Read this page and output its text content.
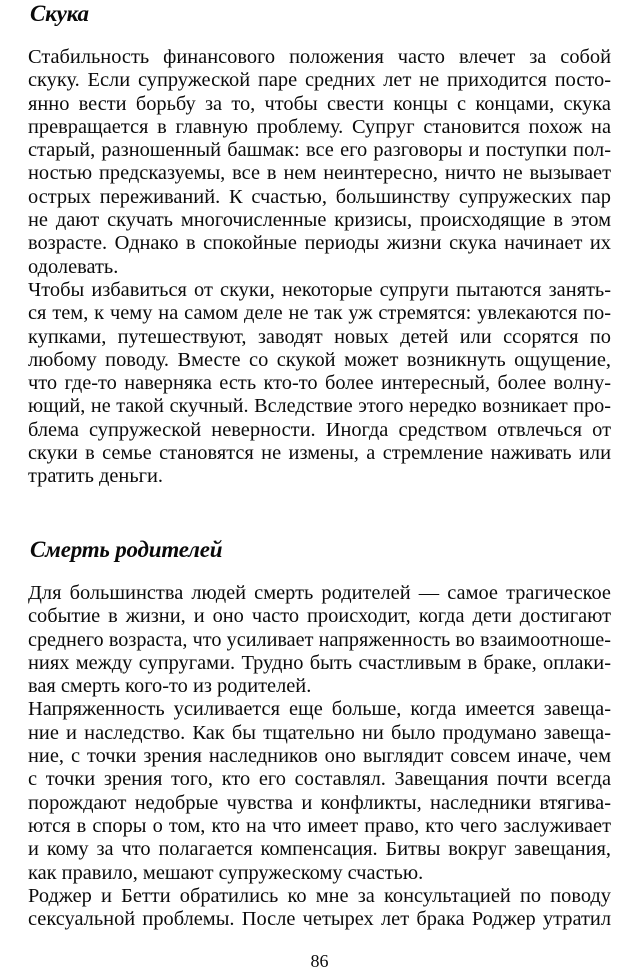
Скука
Стабильность финансового положения часто влечет за собой
скуку. Если супружеской паре средних лет не приходится посто-
янно вести борьбу за то, чтобы свести концы с концами, скука
превращается в главную проблему. Супруг становится похож на
старый, разношенный башмак: все его разговоры и поступки пол-
ностью предсказуемы, все в нем неинтересно, ничто не вызывает
острых переживаний. К счастью, большинству супружеских пар
не дают скучать многочисленные кризисы, происходящие в этом
возрасте. Однако в спокойные периоды жизни скука начинает их
одолевать.
Чтобы избавиться от скуки, некоторые супруги пытаются занять-
ся тем, к чему на самом деле не так уж стремятся: увлекаются по-
купками, путешествуют, заводят новых детей или ссорятся по
любому поводу. Вместе со скукой может возникнуть ощущение,
что где-то наверняка есть кто-то более интересный, более волну-
ющий, не такой скучный. Вследствие этого нередко возникает про-
блема супружеской неверности. Иногда средством отвлечься от
скуки в семье становятся не измены, а стремление наживать или
тратить деньги.
Смерть родителей
Для большинства людей смерть родителей — самое трагическое
событие в жизни, и оно часто происходит, когда дети достигают
среднего возраста, что усиливает напряженность во взаимоотноше-
ниях между супругами. Трудно быть счастливым в браке, оплаки-
вая смерть кого-то из родителей.
Напряженность усиливается еще больше, когда имеется завеща-
ние и наследство. Как бы тщательно ни было продумано завеща-
ние, с точки зрения наследников оно выглядит совсем иначе, чем
с точки зрения того, кто его составлял. Завещания почти всегда
порождают недобрые чувства и конфликты, наследники втягива-
ются в споры о том, кто на что имеет право, кто чего заслуживает
и кому за что полагается компенсация. Битвы вокруг завещания,
как правило, мешают супружескому счастью.
Роджер и Бетти обратились ко мне за консультацией по поводу
сексуальной проблемы. После четырех лет брака Роджер утратил
86
